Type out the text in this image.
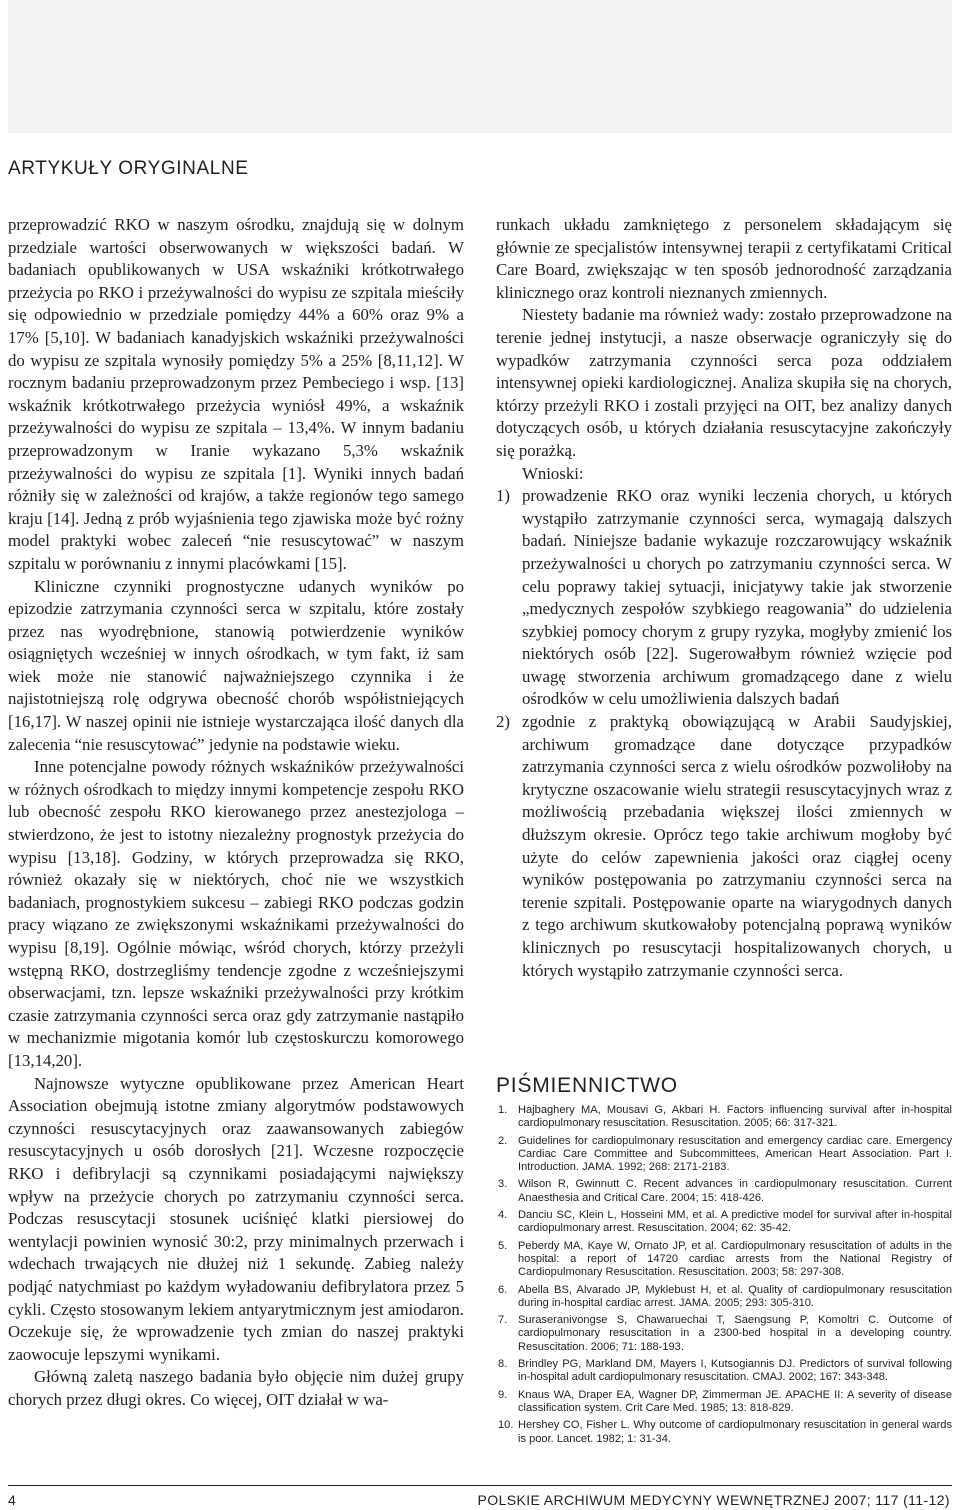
ARTYKUŁY ORYGINALNE

przeprowadzić RKO w naszym ośrodku, znajdują się w dolnym przedziale wartości obserwowanych w większości badań. W badaniach opublikowanych w USA wskaźniki krótkotrwałego przeżycia po RKO i przeżywalności do wypisu ze szpitala mieściły się odpowiednio w przedziale pomiędzy 44% a 60% oraz 9% a 17% [5,10]. W badaniach kanadyjskich wskaźniki przeżywalności do wypisu ze szpitala wynosiły pomiędzy 5% a 25% [8,11,12]. W rocznym badaniu przeprowadzonym przez Pembeciego i wsp. [13] wskaźnik krótkotrwałego przeżycia wyniósł 49%, a wskaźnik przeżywalności do wypisu ze szpitala – 13,4%. W innym badaniu przeprowadzonym w Iranie wykazano 5,3% wskaźnik przeżywalności do wypisu ze szpitala [1]. Wyniki innych badań różniły się w zależności od krajów, a także regionów tego samego kraju [14]. Jedną z prób wyjaśnienia tego zjawiska może być rożny model praktyki wobec zaleceń “nie resuscytować” w naszym szpitalu w porównaniu z innymi placówkami [15].

Kliniczne czynniki prognostyczne udanych wyników po epizodzie zatrzymania czynności serca w szpitalu, które zostały przez nas wyodrębnione, stanowią potwierdzenie wyników osiągniętych wcześniej w innych ośrodkach, w tym fakt, iż sam wiek może nie stanowić najważniejszego czynnika i że najistotniejszą rolę odgrywa obecność chorób współistniejących [16,17]. W naszej opinii nie istnieje wystarczająca ilość danych dla zalecenia “nie resuscytować” jedynie na podstawie wieku.

Inne potencjalne powody różnych wskaźników przeżywalności w różnych ośrodkach to między innymi kompetencje zespołu RKO lub obecność zespołu RKO kierowanego przez anestezjologa – stwierdzono, że jest to istotny niezależny prognostyk przeżycia do wypisu [13,18]. Godziny, w których przeprowadza się RKO, również okazały się w niektórych, choć nie we wszystkich badaniach, prognostykiem sukcesu – zabiegi RKO podczas godzin pracy wiązano ze zwiększonymi wskaźnikami przeżywalności do wypisu [8,19]. Ogólnie mówiąc, wśród chorych, którzy przeżyli wstępną RKO, dostrzegliśmy tendencje zgodne z wcześniejszymi obserwacjami, tzn. lepsze wskaźniki przeżywalności przy krótkim czasie zatrzymania czynności serca oraz gdy zatrzymanie nastąpiło w mechanizmie migotania komór lub częstoskurczu komorowego [13,14,20].

Najnowsze wytyczne opublikowane przez American Heart Association obejmują istotne zmiany algorytmów podstawowych czynności resuscytacyjnych oraz zaawansowanych zabiegów resuscytacyjnych u osób dorosłych [21]. Wczesne rozpoczęcie RKO i defibrylacji są czynnikami posiadającymi największy wpływ na przeżycie chorych po zatrzymaniu czynności serca. Podczas resuscytacji stosunek uciśnięć klatki piersiowej do wentylacji powinien wynosić 30:2, przy minimalnych przerwach i wdechach trwających nie dłużej niż 1 sekundę. Zabieg należy podjąć natychmiast po każdym wyładowaniu defibrylatora przez 5 cykli. Często stosowanym lekiem antyarytmicznym jest amiodaron. Oczekuje się, że wprowadzenie tych zmian do naszej praktyki zaowocuje lepszymi wynikami.

Główną zaletą naszego badania było objęcie nim dużej grupy chorych przez długi okres. Co więcej, OIT działał w wa-

runkach układu zamkniętego z personelem składającym się głównie ze specjalistów intensywnej terapii z certyfikatami Critical Care Board, zwiększając w ten sposób jednorodność zarządzania klinicznego oraz kontroli nieznanych zmiennych.

Niestety badanie ma również wady: zostało przeprowadzone na terenie jednej instytucji, a nasze obserwacje ograniczyły się do wypadków zatrzymania czynności serca poza oddziałem intensywnej opieki kardiologicznej. Analiza skupiła się na chorych, którzy przeżyli RKO i zostali przyjęci na OIT, bez analizy danych dotyczących osób, u których działania resuscytacyjne zakończyły się porażką.

Wnioski:

1) prowadzenie RKO oraz wyniki leczenia chorych, u których wystąpiło zatrzymanie czynności serca, wymagają dalszych badań. Niniejsze badanie wykazuje rozczarowujący wskaźnik przeżywalności u chorych po zatrzymaniu czynności serca. W celu poprawy takiej sytuacji, inicjatywy takie jak stworzenie „medycznych zespołów szybkiego reagowania” do udzielenia szybkiej pomocy chorym z grupy ryzyka, mogłyby zmienić los niektórych osób [22]. Sugerowałbym również wzięcie pod uwagę stworzenia archiwum gromadzącego dane z wielu ośrodków w celu umożliwienia dalszych badań
2) zgodnie z praktyką obowiązującą w Arabii Saudyjskiej, archiwum gromadzące dane dotyczące przypadków zatrzymania czynności serca z wielu ośrodków pozwoliłoby na krytyczne oszacowanie wielu strategii resuscytacyjnych wraz z możliwością przebadania większej ilości zmiennych w dłuższym okresie. Oprócz tego takie archiwum mogłoby być użyte do celów zapewnienia jakości oraz ciągłej oceny wyników postępowania po zatrzymaniu czynności serca na terenie szpitali. Postępowanie oparte na wiarygodnych danych z tego archiwum skutkowałoby potencjalną poprawą wyników klinicznych po resuscytacji hospitalizowanych chorych, u których wystąpiło zatrzymanie czynności serca.
PIŚMIENNICTWO
1. Hajbaghery MA, Mousavi G, Akbari H. Factors influencing survival after in-hospital cardiopulmonary resuscitation. Resuscitation. 2005; 66: 317-321.
2. Guidelines for cardiopulmonary resuscitation and emergency cardiac care. Emergency Cardiac Care Committee and Subcommittees, American Heart Association. Part I. Introduction. JAMA. 1992; 268: 2171-2183.
3. Wilson R, Gwinnutt C. Recent advances in cardiopulmonary resuscitation. Current Anaesthesia and Critical Care. 2004; 15: 418-426.
4. Danciu SC, Klein L, Hosseini MM, et al. A predictive model for survival after in-hospital cardiopulmonary arrest. Resuscitation. 2004; 62: 35-42.
5. Peberdy MA, Kaye W, Ornato JP, et al. Cardiopulmonary resuscitation of adults in the hospital: a report of 14720 cardiac arrests from the National Registry of Cardiopulmonary Resuscitation. Resuscitation. 2003; 58: 297-308.
6. Abella BS, Alvarado JP, Myklebust H, et al. Quality of cardiopulmonary resuscitation during in-hospital cardiac arrest. JAMA. 2005; 293: 305-310.
7. Suraseranivongse S, Chawaruechai T, Saengsung P, Komoltri C. Outcome of cardiopulmonary resuscitation in a 2300-bed hospital in a developing country. Resuscitation. 2006; 71: 188-193.
8. Brindley PG, Markland DM, Mayers I, Kutsogiannis DJ. Predictors of survival following in-hospital adult cardiopulmonary resuscitation. CMAJ. 2002; 167: 343-348.
9. Knaus WA, Draper EA, Wagner DP, Zimmerman JE. APACHE II: A severity of disease classification system. Crit Care Med. 1985; 13: 818-829.
10. Hershey CO, Fisher L. Why outcome of cardiopulmonary resuscitation in general wards is poor. Lancet. 1982; 1: 31-34.
4	POLSKIE ARCHIWUM MEDYCYNY WEWNĘTRZNEJ 2007; 117 (11-12)
